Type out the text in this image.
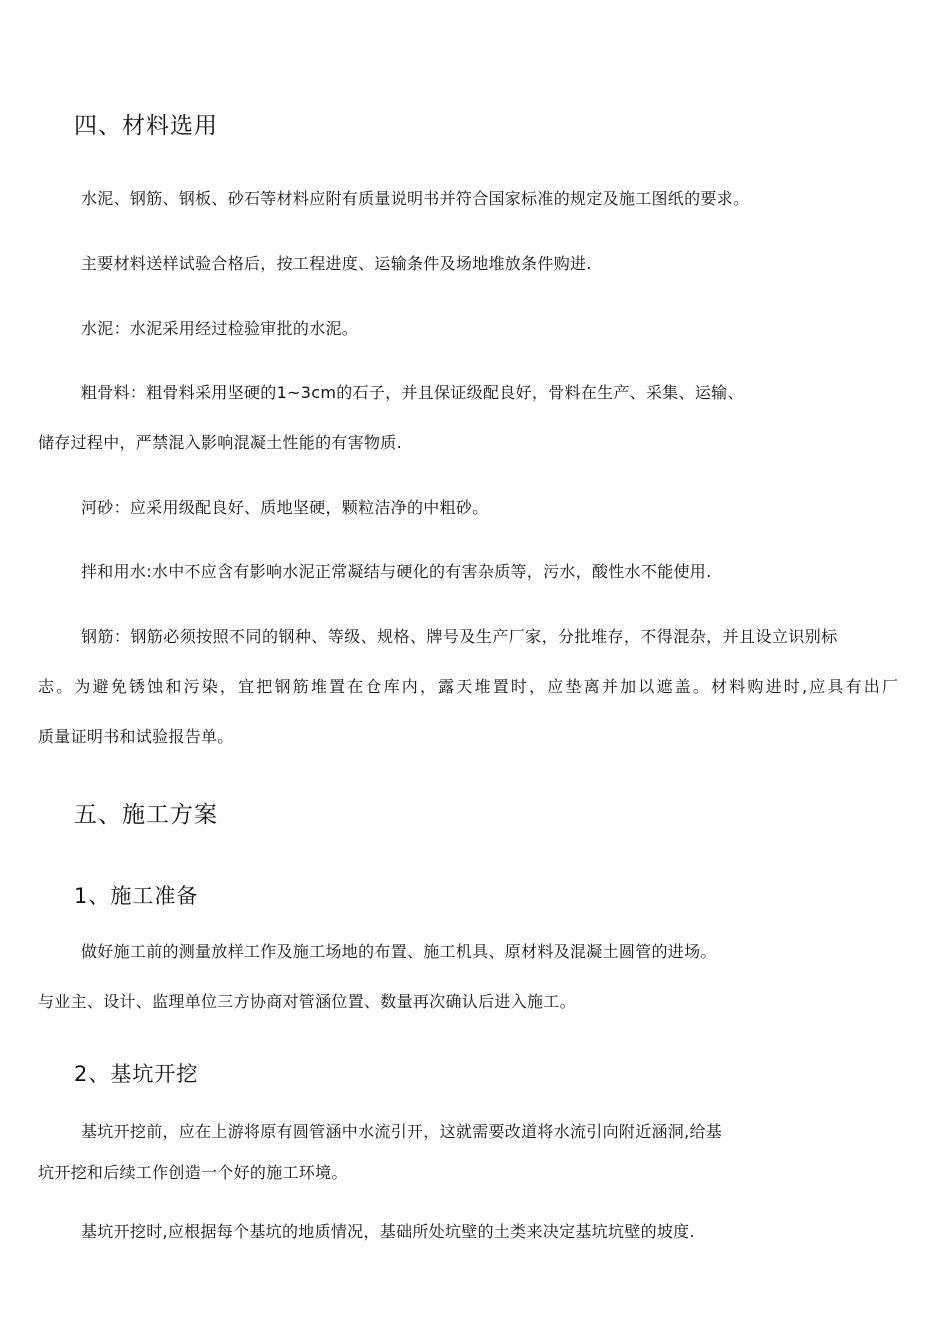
四、材料选用
水泥、钢筋、钢板、砂石等材料应附有质量说明书并符合国家标准的规定及施工图纸的要求。
主要材料送样试验合格后，按工程进度、运输条件及场地堆放条件购进.
水泥：水泥采用经过检验审批的水泥。
粗骨料：粗骨料采用坚硬的1~3cm的石子，并且保证级配良好，骨料在生产、采集、运输、
储存过程中，严禁混入影响混凝土性能的有害物质.
河砂：应采用级配良好、质地坚硬，颗粒洁净的中粗砂。
拌和用水:水中不应含有影响水泥正常凝结与硬化的有害杂质等，污水，酸性水不能使用.
钢筋：钢筋必须按照不同的钢种、等级、规格、牌号及生产厂家，分批堆存，不得混杂，并且设立识别标
志。为避免锈蚀和污染，宜把钢筋堆置在仓库内，露天堆置时，应垫离并加以遮盖。材料购进时,应具有出厂
质量证明书和试验报告单。
五、施工方案
1、施工准备
做好施工前的测量放样工作及施工场地的布置、施工机具、原材料及混凝土圆管的进场。
与业主、设计、监理单位三方协商对管涵位置、数量再次确认后进入施工。
2、基坑开挖
基坑开挖前，应在上游将原有圆管涵中水流引开，这就需要改道将水流引向附近涵洞,给基
坑开挖和后续工作创造一个好的施工环境。
基坑开挖时,应根据每个基坑的地质情况，基础所处坑壁的土类来决定基坑坑壁的坡度.
